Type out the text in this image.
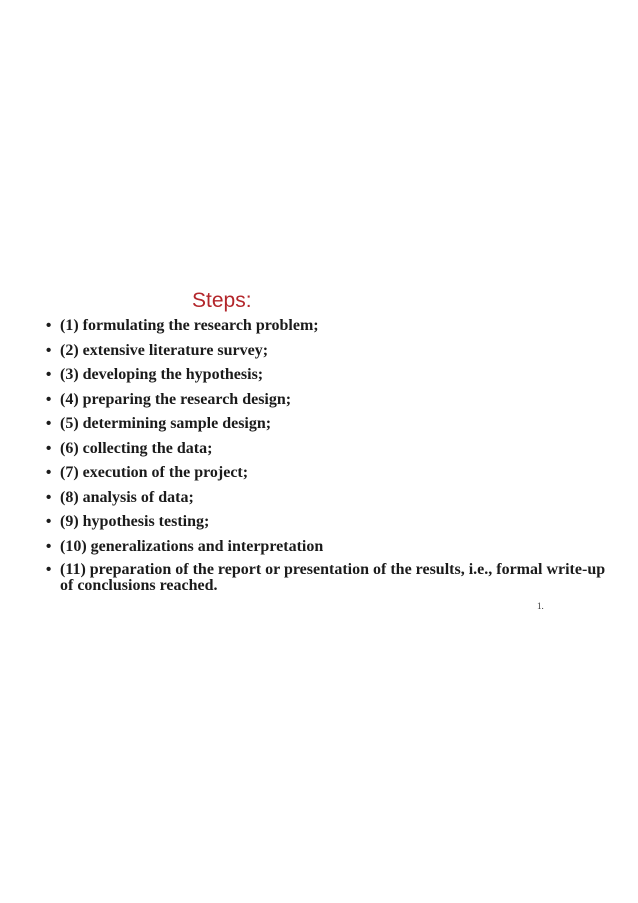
Steps:
• (1) formulating the research problem;
• (2) extensive literature survey;
• (3) developing the hypothesis;
• (4) preparing the research design;
• (5) determining sample design;
• (6) collecting the data;
• (7) execution of the project;
• (8) analysis of data;
• (9) hypothesis testing;
• (10) generalizations and interpretation
• (11) preparation of the report or presentation of the results, i.e., formal write-up of conclusions reached.
1.
